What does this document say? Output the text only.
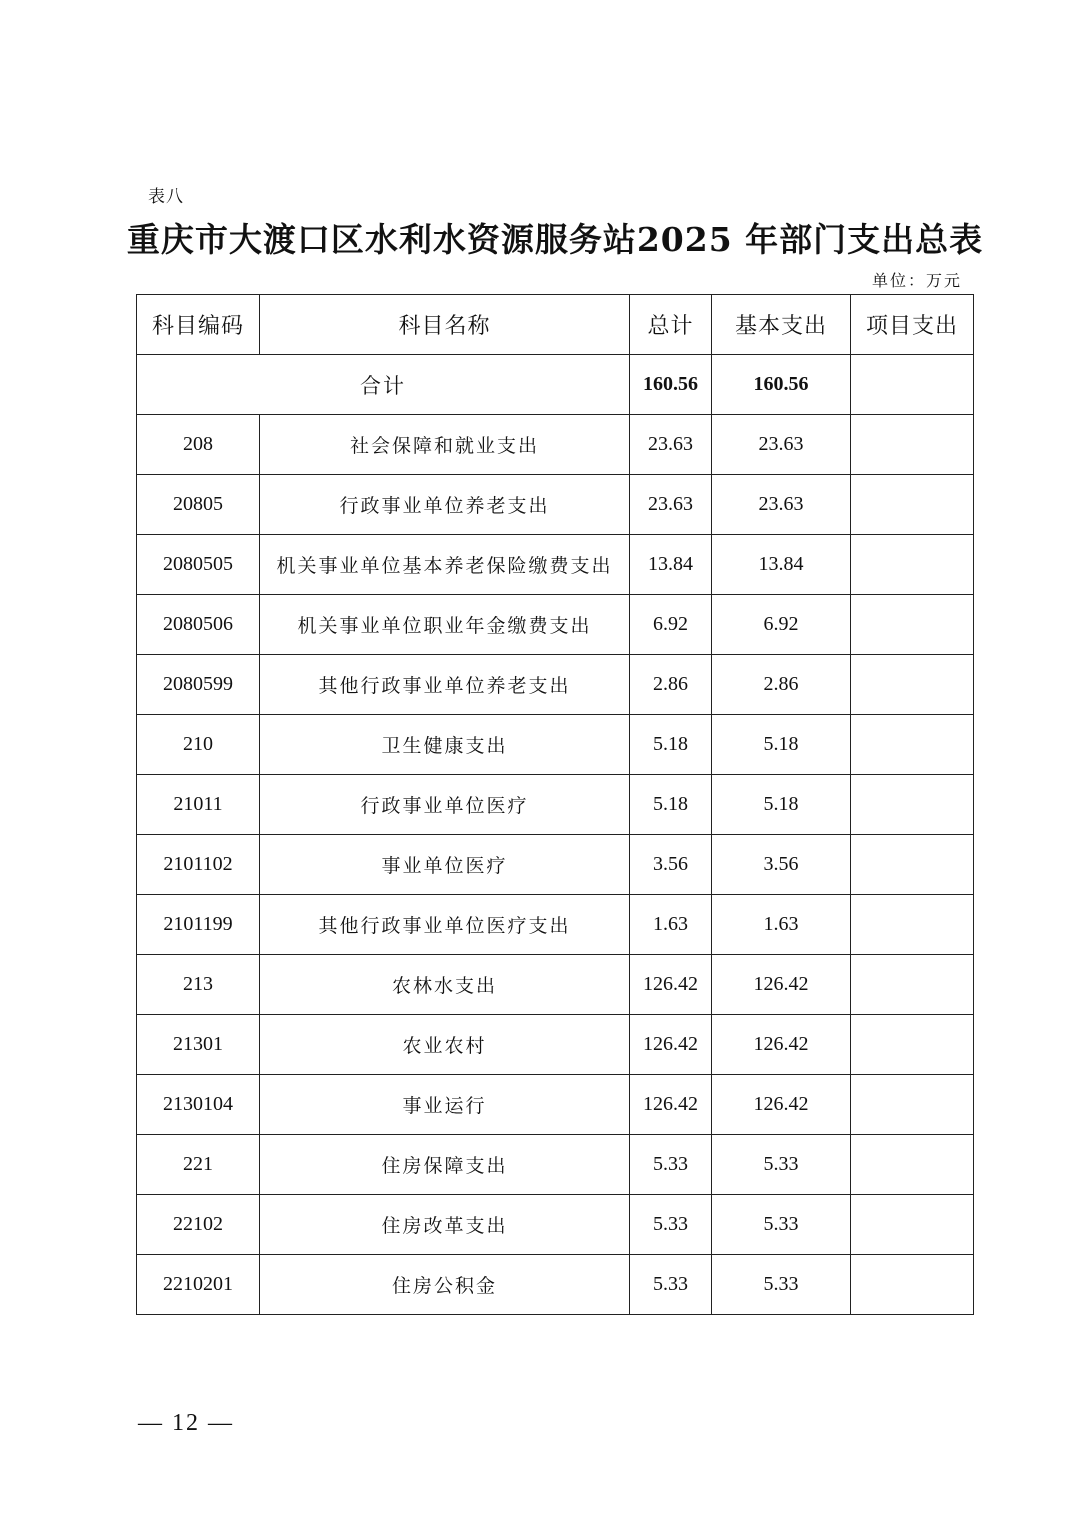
表八
重庆市大渡口区水利水资源服务站2025 年部门支出总表
单位：万元
科目编码	科目名称	总计	基本支出	项目支出
合计		160.56	160.56	
208	社会保障和就业支出	23.63	23.63	
20805	行政事业单位养老支出	23.63	23.63	
2080505	机关事业单位基本养老保险缴费支出	13.84	13.84	
2080506	机关事业单位职业年金缴费支出	6.92	6.92	
2080599	其他行政事业单位养老支出	2.86	2.86	
210	卫生健康支出	5.18	5.18	
21011	行政事业单位医疗	5.18	5.18	
2101102	事业单位医疗	3.56	3.56	
2101199	其他行政事业单位医疗支出	1.63	1.63	
213	农林水支出	126.42	126.42	
21301	农业农村	126.42	126.42	
2130104	事业运行	126.42	126.42	
221	住房保障支出	5.33	5.33	
22102	住房改革支出	5.33	5.33	
2210201	住房公积金	5.33	5.33	
— 12 —
